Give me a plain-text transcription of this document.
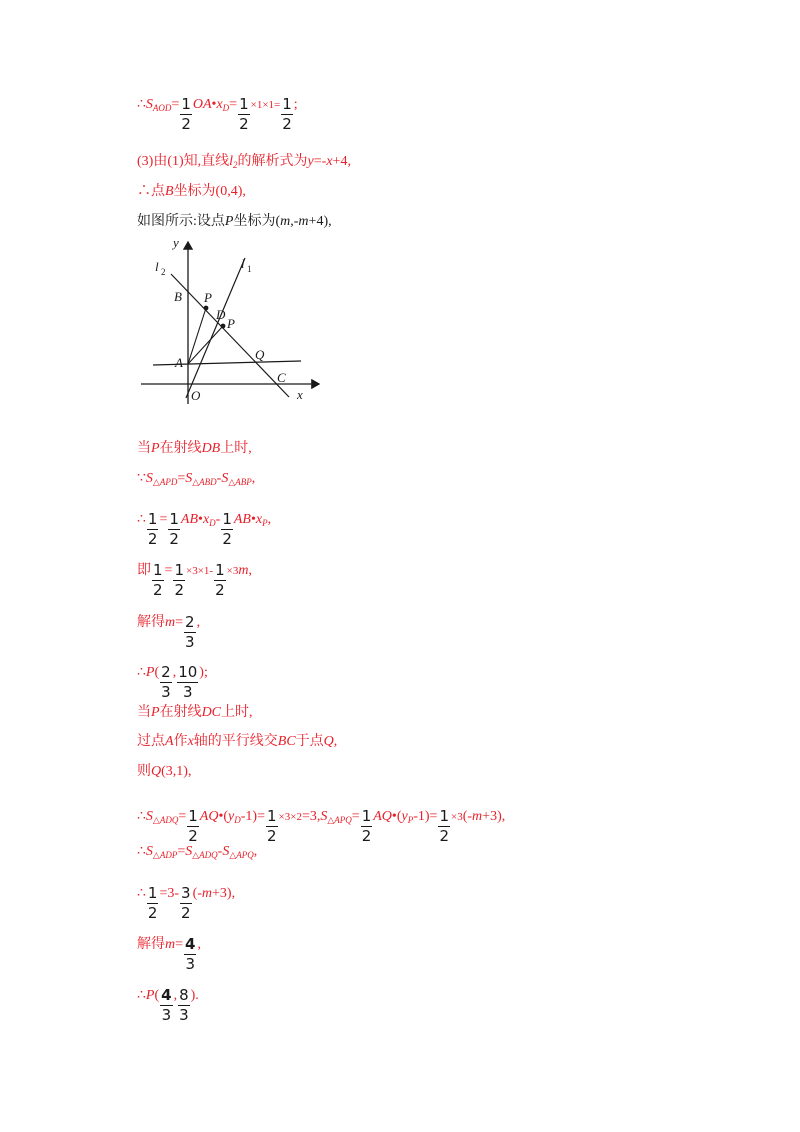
$\therefore S_{AOD}= \frac{1}{2}$ $OA•x_D= \frac{1}{2} \times 1\times 1= \frac{1}{2}$ ;
(3)由(1)知,直线$l_2$的解析式为y=-x+4,
∴点B坐标为(0,4),
如图所示:设点P坐标为(m,-m+4),
y
x
l 1
l 2
B P
D
P
A
Q
C
O
当P在射线DB上时,
$\because S_{\triangle APD}=S_{\triangle ABD}-S_{\triangle ABP}$,
∴ $\frac{1}{2} = \frac{1}{2}$ $AB•x_D- \frac{1}{2}$ $AB•x_P$,
即 $\frac{1}{2} = \frac{1}{2} \times 3\times 1- \frac{1}{2} \times 3m$,
解得$m= \frac{2}{3}$ ,
∴P( $\frac{2}{3}$ , $\frac{10}{3}$ );
当P在射线DC上时,
过点A作x轴的平行线交BC于点Q,
则Q(3,1),
$\therefore S_{\triangle ADQ}= \frac{1}{2}$ $AQ•(y_D-1)= \frac{1}{2} \times 3\times 2=3,S_{\triangle APQ}= \frac{1}{2}$ $AQ•(y_P-1)= \frac{1}{2} \times 3(-m+3)$,
$\therefore S_{\triangle ADP}=S_{\triangle ADQ}-S_{\triangle APQ}$,
∴ $\frac{1}{2} =3- \frac{3}{2} (-m+3)$,
解得$m= \frac{4}{3}$ ,
∴P( $\frac{4}{3}$ , $\frac{8}{3}$ ).
